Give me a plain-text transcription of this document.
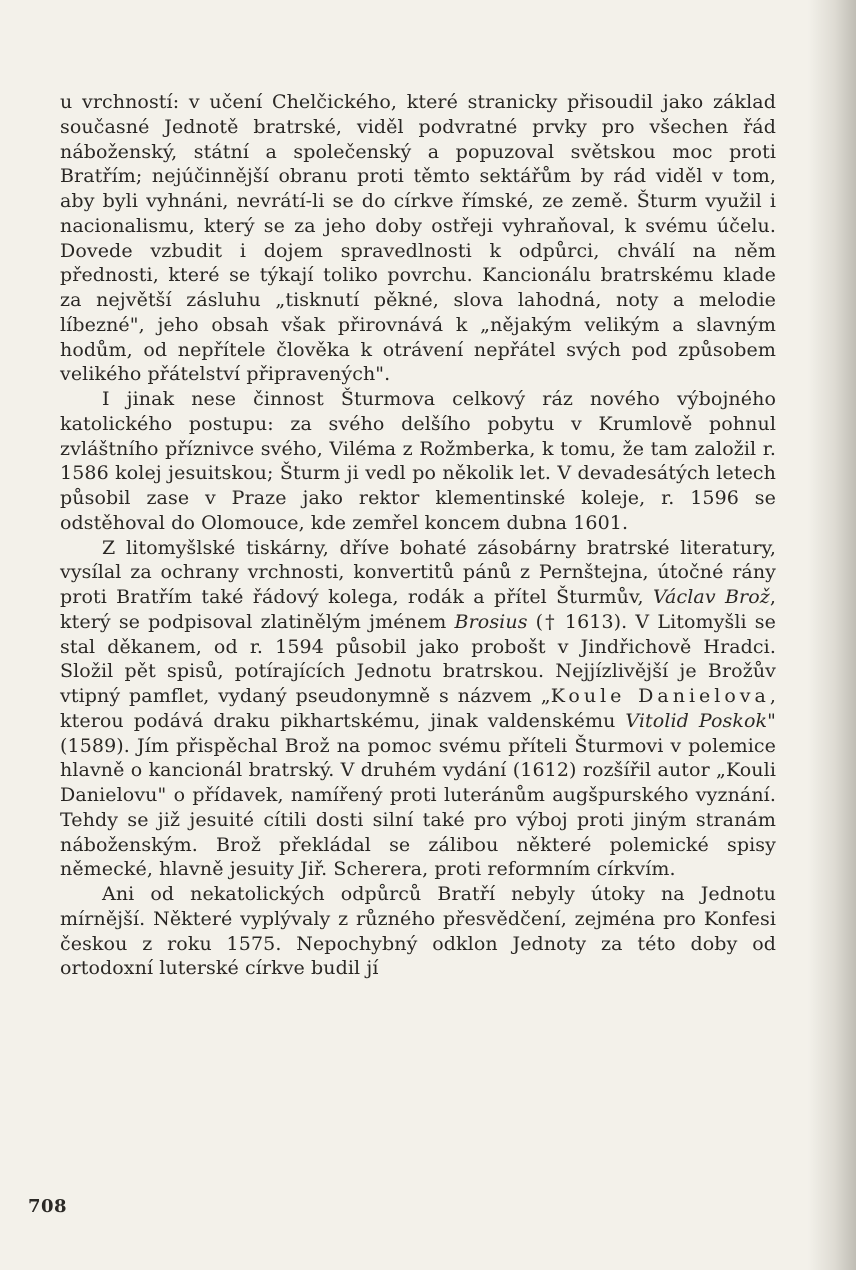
u vrchností: v učení Chelčického, které stranicky přisoudil jako základ současné Jednotě bratrské, viděl podvratné prvky pro všechen řád náboženský, státní a společenský a popuzoval světskou moc proti Bratřím; nejúčinnější obranu proti těmto sektářům by rád viděl v tom, aby byli vyhnáni, nevrátí-li se do církve římské, ze země. Šturm využil i nacionalismu, který se za jeho doby ostřeji vyhraňoval, k svému účelu. Dovede vzbudit i dojem spravedlnosti k odpůrci, chválí na něm přednosti, které se týkají toliko povrchu. Kancionálu bratrskému klade za největší zásluhu „tisknutí pěkné, slova lahodná, noty a melodie líbezné", jeho obsah však přirovnává k „nějakým velikým a slavným hodům, od nepřítele člověka k otrávení nepřátel svých pod způsobem velikého přátelství připravených".

I jinak nese činnost Šturmova celkový ráz nového výbojného katolického postupu: za svého delšího pobytu v Krumlově pohnul zvláštního příznivce svého, Viléma z Rožmberka, k tomu, že tam založil r. 1586 kolej jesuitskou; Šturm ji vedl po několik let. V devadesátých letech působil zase v Praze jako rektor klementinské koleje, r. 1596 se odstěhoval do Olomouce, kde zemřel koncem dubna 1601.

Z litomyšlské tiskárny, dříve bohaté zásobárny bratrské literatury, vysílal za ochrany vrchnosti, konvertitů pánů z Pernštejna, útočné rány proti Bratřím také řádový kolega, rodák a přítel Šturmův, Václav Brož, který se podpisoval zlatinělým jménem Brosius († 1613). V Litomyšli se stal děkanem, od r. 1594 působil jako probošt v Jindřichově Hradci. Složil pět spisů, potírajících Jednotu bratrskou. Nejjízlivější je Brožův vtipný pamflet, vydaný pseudonymně s názvem „Koule Danielova, kterou podává draku pikhartskému, jinak valdenskému Vitolid Poskok" (1589). Jím přispěchal Brož na pomoc svému příteli Šturmovi v polemice hlavně o kancionál bratrský. V druhém vydání (1612) rozšířil autor „Kouli Danielovu" o přídavek, namířený proti luteránům augšpurského vyznání. Tehdy se již jesuité cítili dosti silní také pro výboj proti jiným stranám náboženským. Brož překládal se zálibou některé polemické spisy německé, hlavně jesuity Jiř. Scherera, proti reformním církvím.

Ani od nekatolických odpůrců Bratří nebyly útoky na Jednotu mírnější. Některé vyplývaly z různého přesvědčení, zejména pro Konfesi českou z roku 1575. Nepochybný odklon Jednoty za této doby od ortodoxní luterské církve budil jí

708
